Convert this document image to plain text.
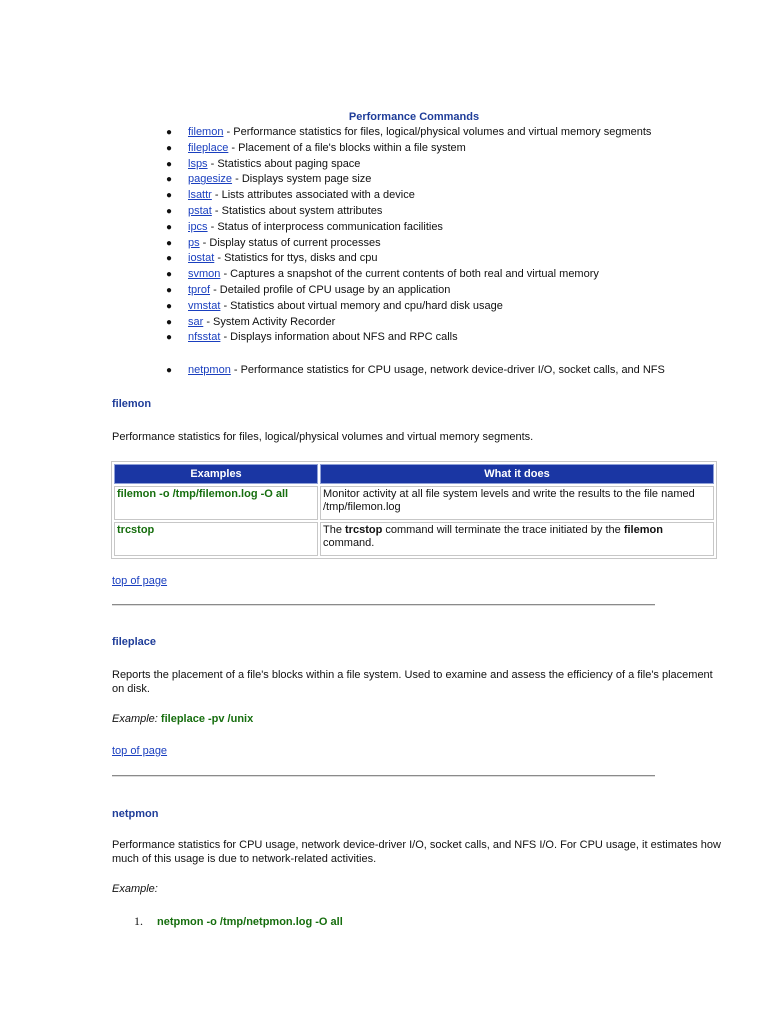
Performance Commands
● filemon - Performance statistics for files, logical/physical volumes and virtual memory segments
● fileplace - Placement of a file's blocks within a file system
● lsps - Statistics about paging space
● pagesize - Displays system page size
● lsattr - Lists attributes associated with a device
● pstat - Statistics about system attributes
● ipcs - Status of interprocess communication facilities
● ps - Display status of current processes
● iostat - Statistics for ttys, disks and cpu
● svmon - Captures a snapshot of the current contents of both real and virtual memory
● tprof - Detailed profile of CPU usage by an application
● vmstat - Statistics about virtual memory and cpu/hard disk usage
● sar - System Activity Recorder
● nfsstat - Displays information about NFS and RPC calls
● netpmon - Performance statistics for CPU usage, network device-driver I/O, socket calls, and NFS
filemon
Performance statistics for files, logical/physical volumes and virtual memory segments.
Examples	What it does
filemon -o /tmp/filemon.log -O all	Monitor activity at all file system levels and write the results to the file named /tmp/filemon.log
trcstop	The trcstop command will terminate the trace initiated by the filemon command.
top of page
fileplace
Reports the placement of a file's blocks within a file system. Used to examine and assess the efficiency of a file's placement on disk.
Example: fileplace -pv /unix
top of page
netpmon
Performance statistics for CPU usage, network device-driver I/O, socket calls, and NFS I/O. For CPU usage, it estimates how much of this usage is due to network-related activities.
Example:
1. netpmon -o /tmp/netpmon.log -O all
